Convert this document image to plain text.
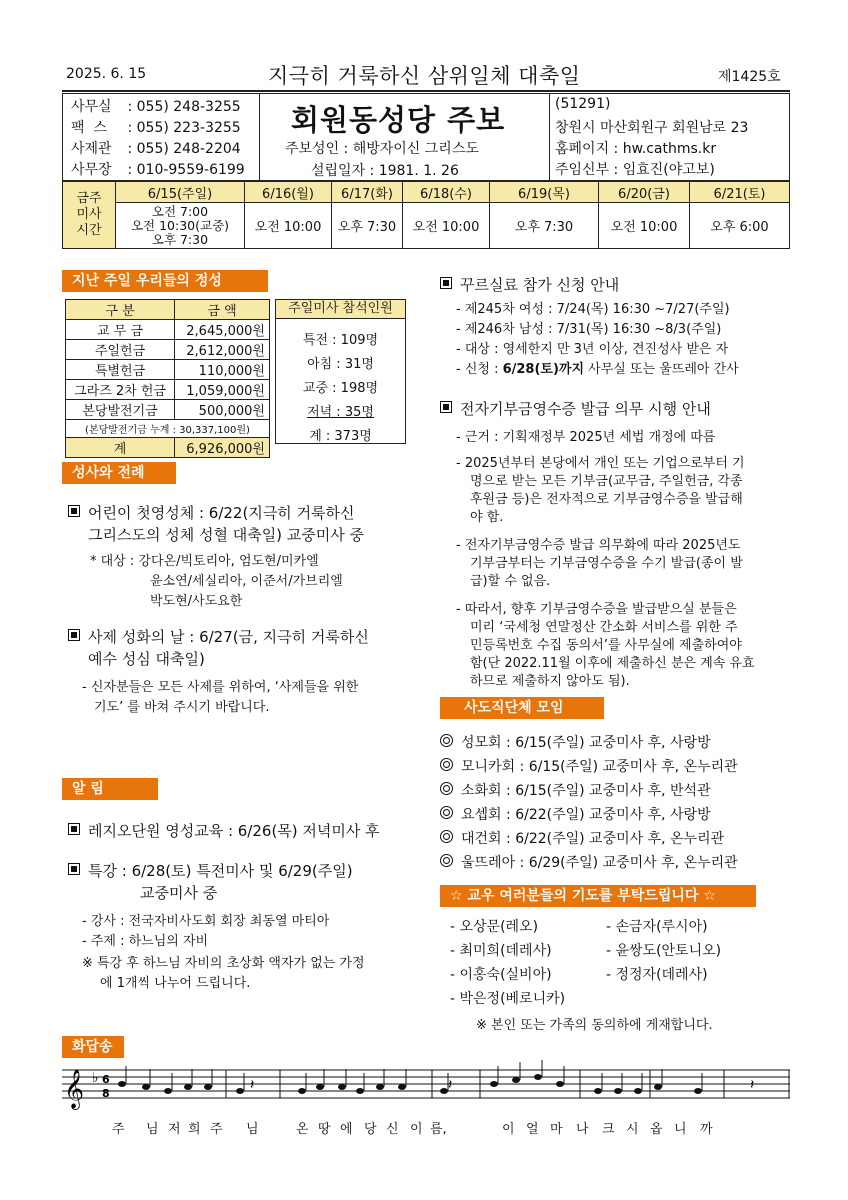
2025. 6. 15	지극히 거룩하신 삼위일체 대축일	제1425호
사무실 : 055) 248-3255
팩  스 : 055) 223-3255
사제관 : 055) 248-2204
사무장 : 010-9559-6199
회원동성당 주보
주보성인 : 해방자이신 그리스도
설립일자 : 1981. 1. 26
(51291)
창원시 마산회원구 회원남로 23
홈페이지 : hw.cathms.kr
주임신부 : 임효진(야고보)
금주 미사 시간	6/15(주일)	6/16(월)	6/17(화)	6/18(수)	6/19(목)	6/20(금)	6/21(토)
	오전 7:00
오전 10:30(교중)
오후 7:30	오전 10:00	오후 7:30	오전 10:00	오후 7:30	오전 10:00	오후 6:00
지난 주일 우리들의 정성
구 분	금 액
교 무 금	2,645,000원
주일헌금	2,612,000원
특별헌금	110,000원
그라즈 2차 헌금	1,059,000원
본당발전기금	500,000원
(본당발전기금 누계 : 30,337,100원)	
계	6,926,000원
주일미사 참석인원
특전 : 109명
아침 : 31명
교중 : 198명
저녁 : 35명
계 : 373명
성사와 전례
어린이 첫영성체 : 6/22(지극히 거룩하신
그리스도의 성체 성혈 대축일) 교중미사 중
* 대상 : 강다온/빅토리아, 엄도현/미카엘
윤소연/세실리아, 이준서/가브리엘
박도현/사도요한
사제 성화의 날 : 6/27(금, 지극히 거룩하신
예수 성심 대축일)
- 신자분들은 모든 사제를 위하여, ‘사제들을 위한
기도’ 를 바쳐 주시기 바랍니다.
알 림
레지오단원 영성교육 : 6/26(목) 저녁미사 후
특강 : 6/28(토) 특전미사 및 6/29(주일)
교중미사 중
- 강사 : 전국자비사도회 회장 최동열 마티아
- 주제 : 하느님의 자비
※ 특강 후 하느님 자비의 초상화 액자가 없는 가정
에 1개씩 나누어 드립니다.
꾸르실료 참가 신청 안내
- 제245차 여성 : 7/24(목) 16:30 ~7/27(주일)
- 제246차 남성 : 7/31(목) 16:30 ~8/3(주일)
- 대상 : 영세한지 만 3년 이상, 견진성사 받은 자
- 신청 : 6/28(토)까지 사무실 또는 울뜨레아 간사
전자기부금영수증 발급 의무 시행 안내
- 근거 : 기획재정부 2025년 세법 개정에 따름
- 2025년부터 본당에서 개인 또는 기업으로부터 기
명으로 받는 모든 기부금(교무금, 주일헌금, 각종
후원금 등)은 전자적으로 기부금영수증을 발급해
야 함.
- 전자기부금영수증 발급 의무화에 따라 2025년도
기부금부터는 기부금영수증을 수기 발급(종이 발
급)할 수 없음.
- 따라서, 향후 기부금영수증을 발급받으실 분들은
미리 ‘국세청 연말정산 간소화 서비스를 위한 주
민등록번호 수집 동의서’를 사무실에 제출하여야
함(단 2022.11월 이후에 제출하신 분은 계속 유효
하므로 제출하지 않아도 됨).
사도직단체 모임
성모회 : 6/15(주일) 교중미사 후, 사랑방
모니카회 : 6/15(주일) 교중미사 후, 온누리관
소화회 : 6/15(주일) 교중미사 후, 반석관
요셉회 : 6/22(주일) 교중미사 후, 사랑방
대건회 : 6/22(주일) 교중미사 후, 온누리관
울뜨레아 : 6/29(주일) 교중미사 후, 온누리관
☆ 교우 여러분들의 기도를 부탁드립니다 ☆
- 오상문(레오)
- 최미희(데레사)
- 이홍숙(실비아)
- 박은정(베로니카)
- 손금자(루시아)
- 윤쌍도(안토니오)
- 정정자(데레사)
※ 본인 또는 가족의 동의하에 게재합니다.
화답송
𝄞 ♭ 6
8
𝄽	𝄽	𝄽
주 님 저 희 주 님	온 땅 에 당 신 이 름,	이 얼 마 나 크 시 옵 니 까
